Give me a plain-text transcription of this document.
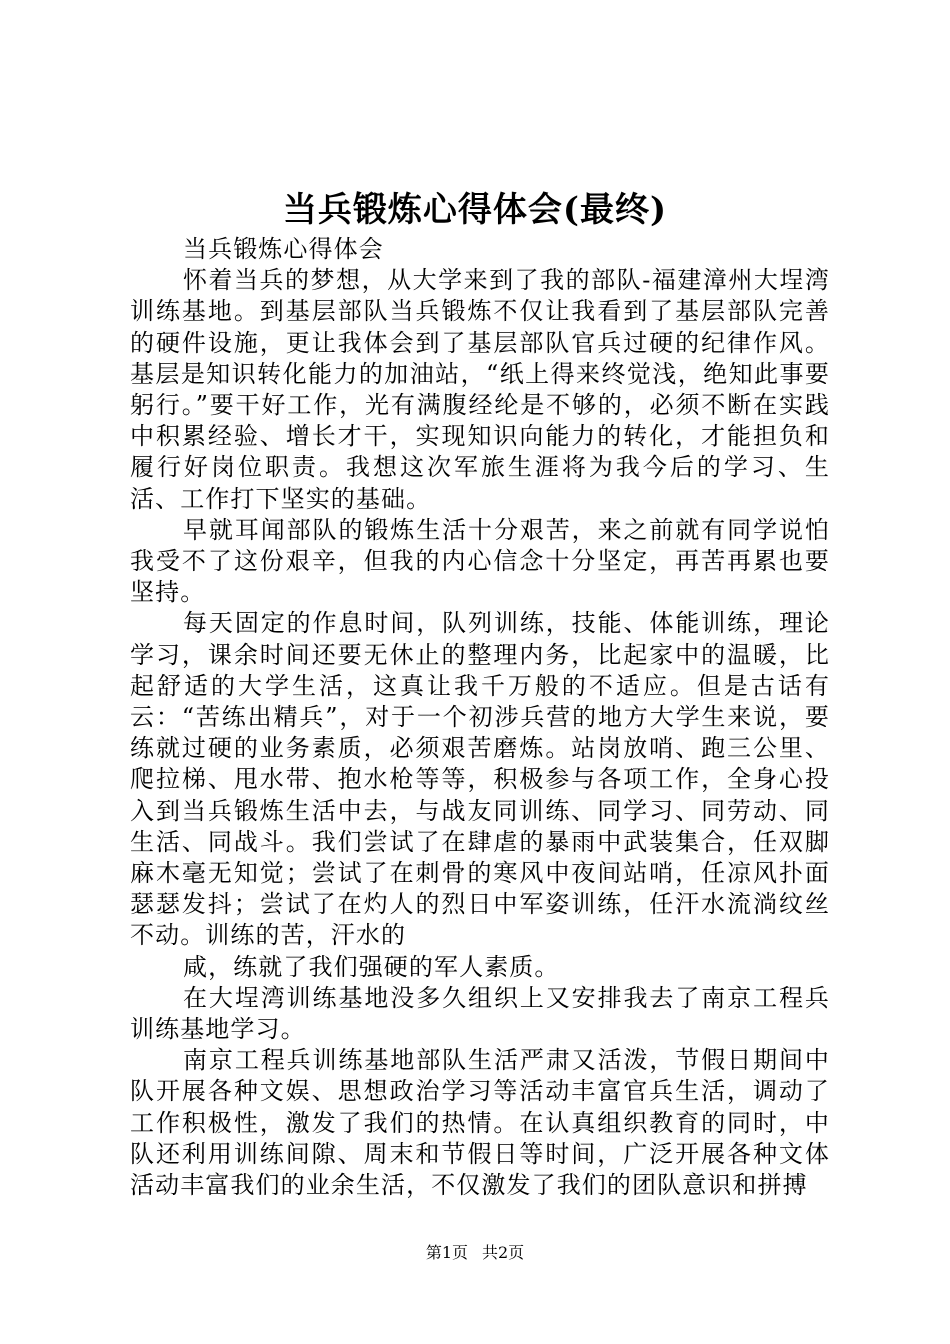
当兵锻炼心得体会(最终)

当兵锻炼心得体会

怀着当兵的梦想，从大学来到了我的部队-福建漳州大埕湾训练基地。到基层部队当兵锻炼不仅让我看到了基层部队完善的硬件设施，更让我体会到了基层部队官兵过硬的纪律作风。基层是知识转化能力的加油站，“纸上得来终觉浅，绝知此事要躬行。”要干好工作，光有满腹经纶是不够的，必须不断在实践中积累经验、增长才干，实现知识向能力的转化，才能担负和履行好岗位职责。我想这次军旅生涯将为我今后的学习、生活、工作打下坚实的基础。

早就耳闻部队的锻炼生活十分艰苦，来之前就有同学说怕我受不了这份艰辛，但我的内心信念十分坚定，再苦再累也要坚持。

每天固定的作息时间，队列训练，技能、体能训练，理论学习，课余时间还要无休止的整理内务，比起家中的温暖，比起舒适的大学生活，这真让我千万般的不适应。但是古话有云：“苦练出精兵”，对于一个初涉兵营的地方大学生来说，要练就过硬的业务素质，必须艰苦磨炼。站岗放哨、跑三公里、爬拉梯、甩水带、抱水枪等等，积极参与各项工作，全身心投入到当兵锻炼生活中去，与战友同训练、同学习、同劳动、同生活、同战斗。我们尝试了在肆虐的暴雨中武装集合，任双脚麻木毫无知觉；尝试了在刺骨的寒风中夜间站哨，任凉风扑面瑟瑟发抖；尝试了在灼人的烈日中军姿训练，任汗水流淌纹丝不动。训练的苦，汗水的

咸，练就了我们强硬的军人素质。

在大埕湾训练基地没多久组织上又安排我去了南京工程兵训练基地学习。

南京工程兵训练基地部队生活严肃又活泼，节假日期间中队开展各种文娱、思想政治学习等活动丰富官兵生活，调动了工作积极性，激发了我们的热情。在认真组织教育的同时，中队还利用训练间隙、周末和节假日等时间，广泛开展各种文体活动丰富我们的业余生活，不仅激发了我们的团队意识和拼搏

第1页 共2页
